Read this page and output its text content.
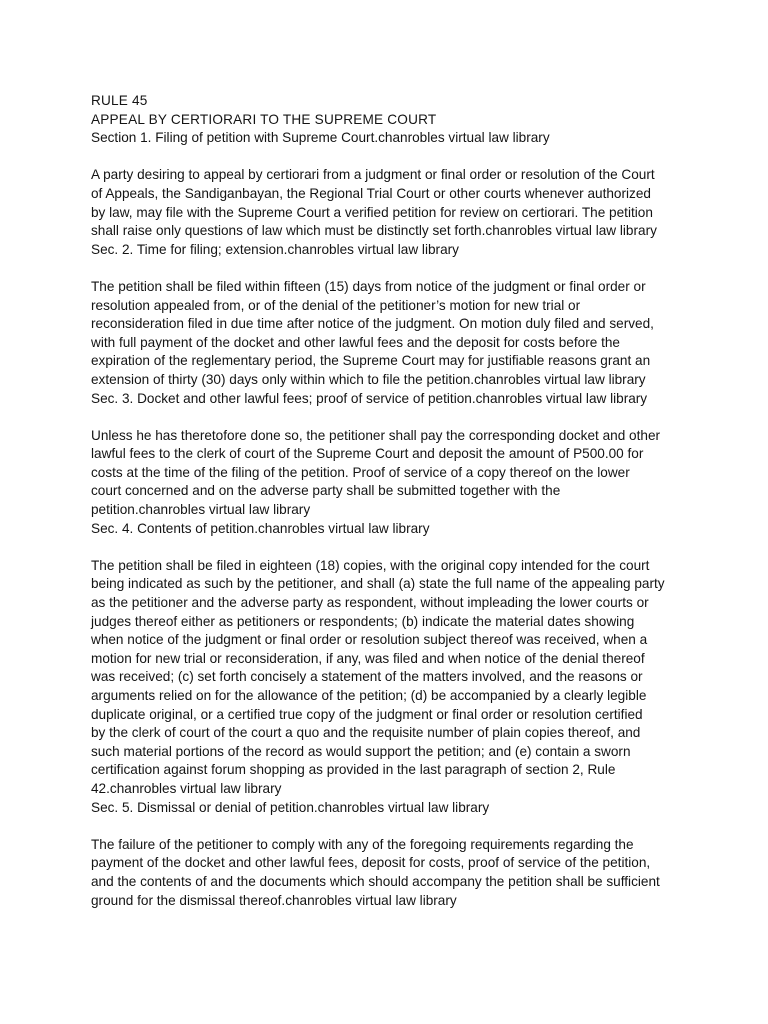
RULE 45
APPEAL BY CERTIORARI TO THE SUPREME COURT
Section 1. Filing of petition with Supreme Court.chanrobles virtual law library
A party desiring to appeal by certiorari from a judgment or final order or resolution of the Court
of Appeals, the Sandiganbayan, the Regional Trial Court or other courts whenever authorized
by law, may file with the Supreme Court a verified petition for review on certiorari. The petition
shall raise only questions of law which must be distinctly set forth.chanrobles virtual law library
Sec. 2. Time for filing; extension.chanrobles virtual law library
The petition shall be filed within fifteen (15) days from notice of the judgment or final order or
resolution appealed from, or of the denial of the petitioner’s motion for new trial or
reconsideration filed in due time after notice of the judgment. On motion duly filed and served,
with full payment of the docket and other lawful fees and the deposit for costs before the
expiration of the reglementary period, the Supreme Court may for justifiable reasons grant an
extension of thirty (30) days only within which to file the petition.chanrobles virtual law library
Sec. 3. Docket and other lawful fees; proof of service of petition.chanrobles virtual law library
Unless he has theretofore done so, the petitioner shall pay the corresponding docket and other
lawful fees to the clerk of court of the Supreme Court and deposit the amount of P500.00 for
costs at the time of the filing of the petition. Proof of service of a copy thereof on the lower
court concerned and on the adverse party shall be submitted together with the
petition.chanrobles virtual law library
Sec. 4. Contents of petition.chanrobles virtual law library
The petition shall be filed in eighteen (18) copies, with the original copy intended for the court
being indicated as such by the petitioner, and shall (a) state the full name of the appealing party
as the petitioner and the adverse party as respondent, without impleading the lower courts or
judges thereof either as petitioners or respondents; (b) indicate the material dates showing
when notice of the judgment or final order or resolution subject thereof was received, when a
motion for new trial or reconsideration, if any, was filed and when notice of the denial thereof
was received; (c) set forth concisely a statement of the matters involved, and the reasons or
arguments relied on for the allowance of the petition; (d) be accompanied by a clearly legible
duplicate original, or a certified true copy of the judgment or final order or resolution certified
by the clerk of court of the court a quo and the requisite number of plain copies thereof, and
such material portions of the record as would support the petition; and (e) contain a sworn
certification against forum shopping as provided in the last paragraph of section 2, Rule
42.chanrobles virtual law library
Sec. 5. Dismissal or denial of petition.chanrobles virtual law library
The failure of the petitioner to comply with any of the foregoing requirements regarding the
payment of the docket and other lawful fees, deposit for costs, proof of service of the petition,
and the contents of and the documents which should accompany the petition shall be sufficient
ground for the dismissal thereof.chanrobles virtual law library
